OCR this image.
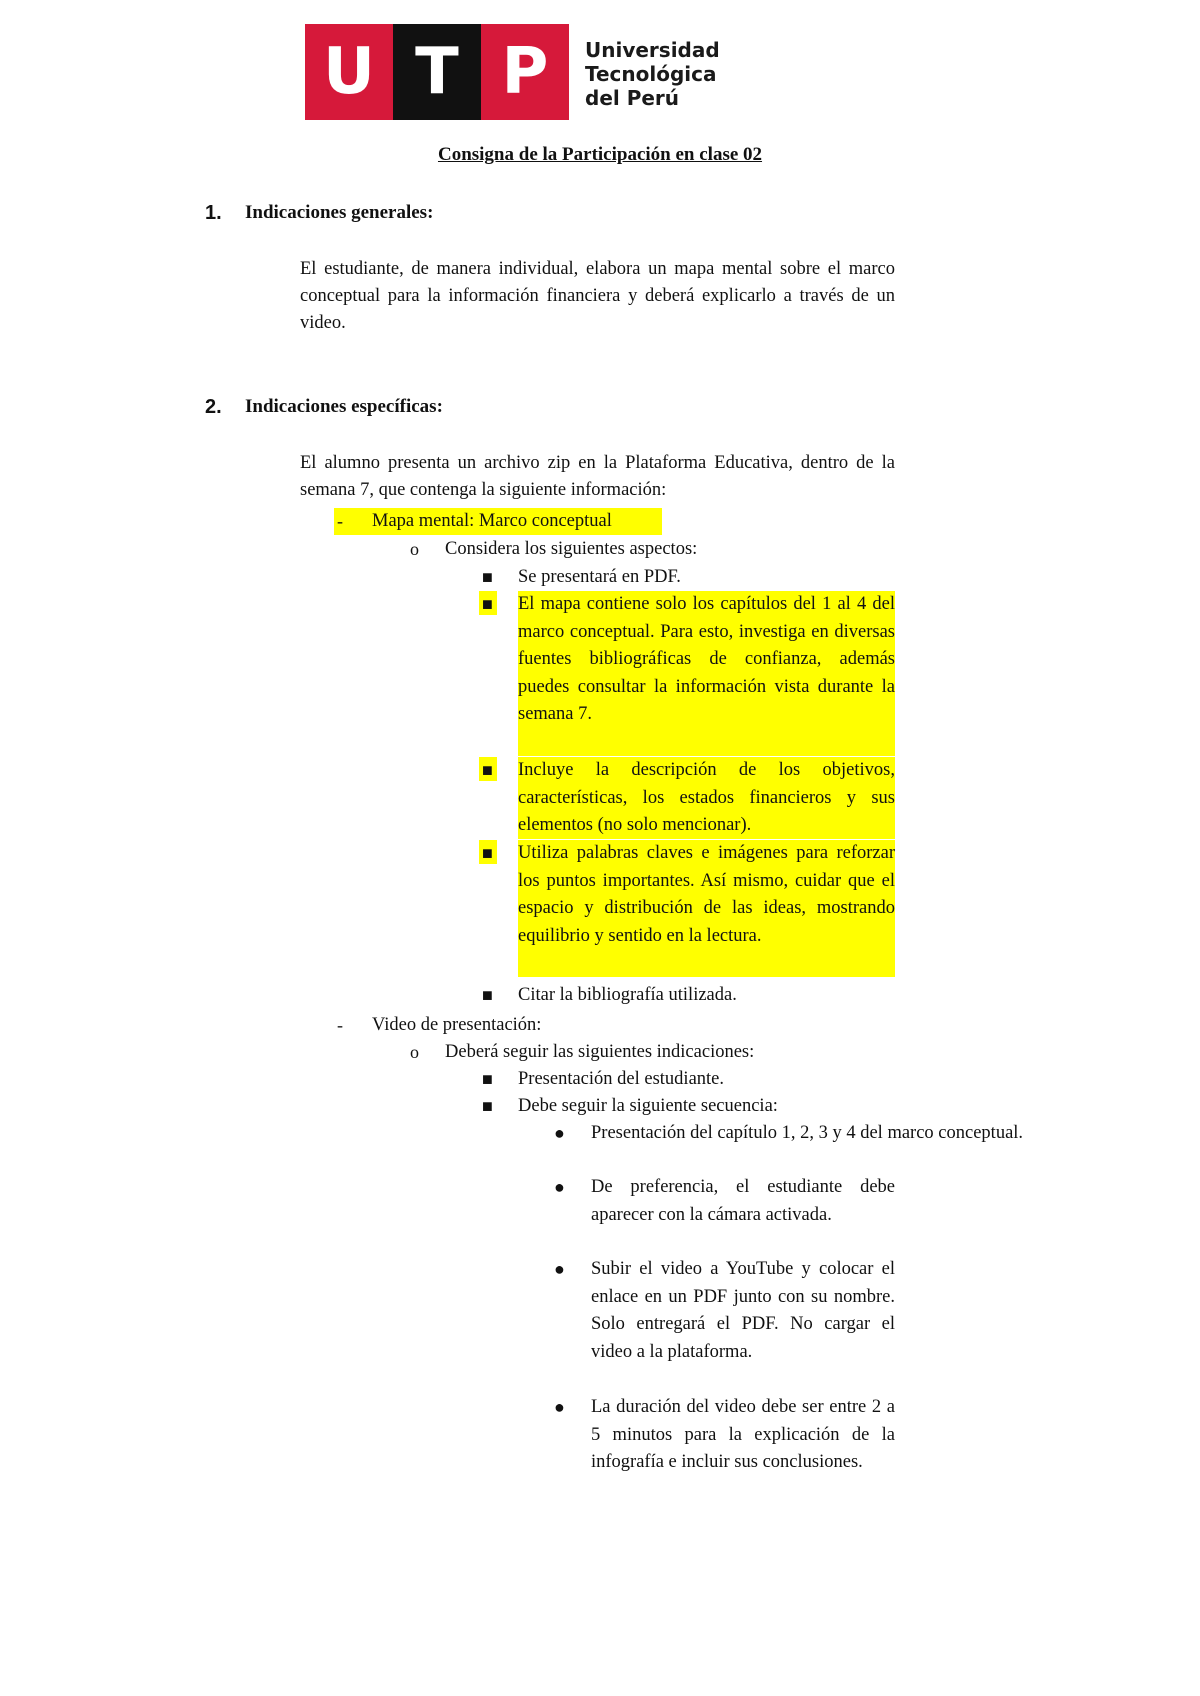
U T P	Universidad
Tecnológica
del Perú
Consigna de la Participación en clase 02
1.	Indicaciones generales:
El estudiante, de manera individual, elabora un mapa mental sobre el marco conceptual para la información financiera y deberá explicarlo a través de un video.
2.	Indicaciones específicas:
El alumno presenta un archivo zip en la Plataforma Educativa, dentro de la semana 7, que contenga la siguiente información:
- Mapa mental: Marco conceptual
o Considera los siguientes aspectos:
■ Se presentará en PDF.
■ El mapa contiene solo los capítulos del 1 al 4 del marco conceptual. Para esto, investiga en diversas fuentes bibliográficas de confianza, además puedes consultar la información vista durante la semana 7.
■ Incluye la descripción de los objetivos, características, los estados financieros y sus elementos (no solo mencionar).
■ Utiliza palabras claves e imágenes para reforzar los puntos importantes. Así mismo, cuidar que el espacio y distribución de las ideas, mostrando equilibrio y sentido en la lectura.
■ Citar la bibliografía utilizada.
- Video de presentación:
o Deberá seguir las siguientes indicaciones:
■ Presentación del estudiante.
■ Debe seguir la siguiente secuencia:
● Presentación del capítulo 1, 2, 3 y 4 del marco conceptual.
● De preferencia, el estudiante debe aparecer con la cámara activada.
● Subir el video a YouTube y colocar el enlace en un PDF junto con su nombre. Solo entregará el PDF. No cargar el video a la plataforma.
● La duración del video debe ser entre 2 a 5 minutos para la explicación de la infografía e incluir sus conclusiones.
